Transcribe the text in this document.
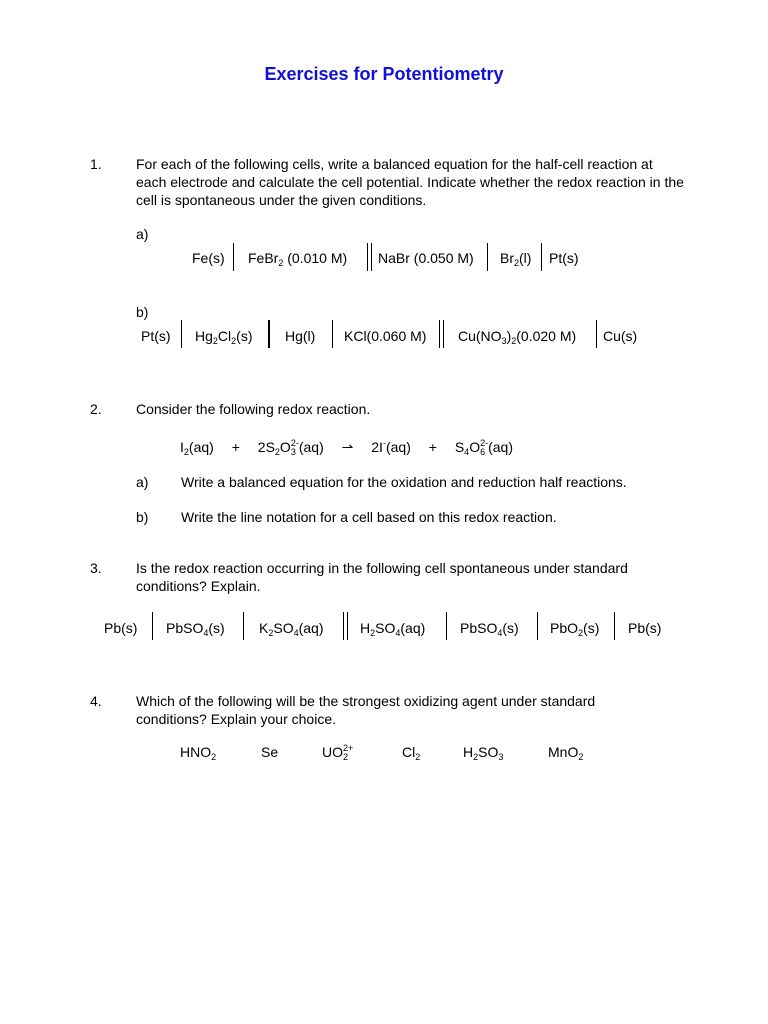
Exercises for Potentiometry
1. For each of the following cells, write a balanced equation for the half-cell reaction at each electrode and calculate the cell potential. Indicate whether the redox reaction in the cell is spontaneous under the given conditions.
a)
Fe(s) FeBr$_2$ (0.010 M) NaBr (0.050 M) $Br_2(l)$ Pt(s)
b)
Pt(s) $Hg_2Cl_2(s)$ Hg(l) KCl(0.060 M) $Cu(NO_3)_2(0.020$ M) Cu(s)
2. Consider the following redox reaction.
$I_2(aq) + 2S_2O_3^{2-}(aq)$ ⇀ $2I^-(aq) + S_4O_6^{2-}(aq)$
a) Write a balanced equation for the oxidation and reduction half reactions.
b) Write the line notation for a cell based on this redox reaction.
3. Is the redox reaction occurring in the following cell spontaneous under standard conditions? Explain.
Pb(s) PbSO$_4$(s) $K_2SO_4(aq)$	$H_2SO_4(aq)$ PbSO$_4$(s) PbO$_2$(s) Pb(s)
4. Which of the following will be the strongest oxidizing agent under standard conditions? Explain your choice.
$HNO_2$	Se	$UO_2^{2+}$	$Cl_2$	$H_2SO_3$	MnO$_2$
